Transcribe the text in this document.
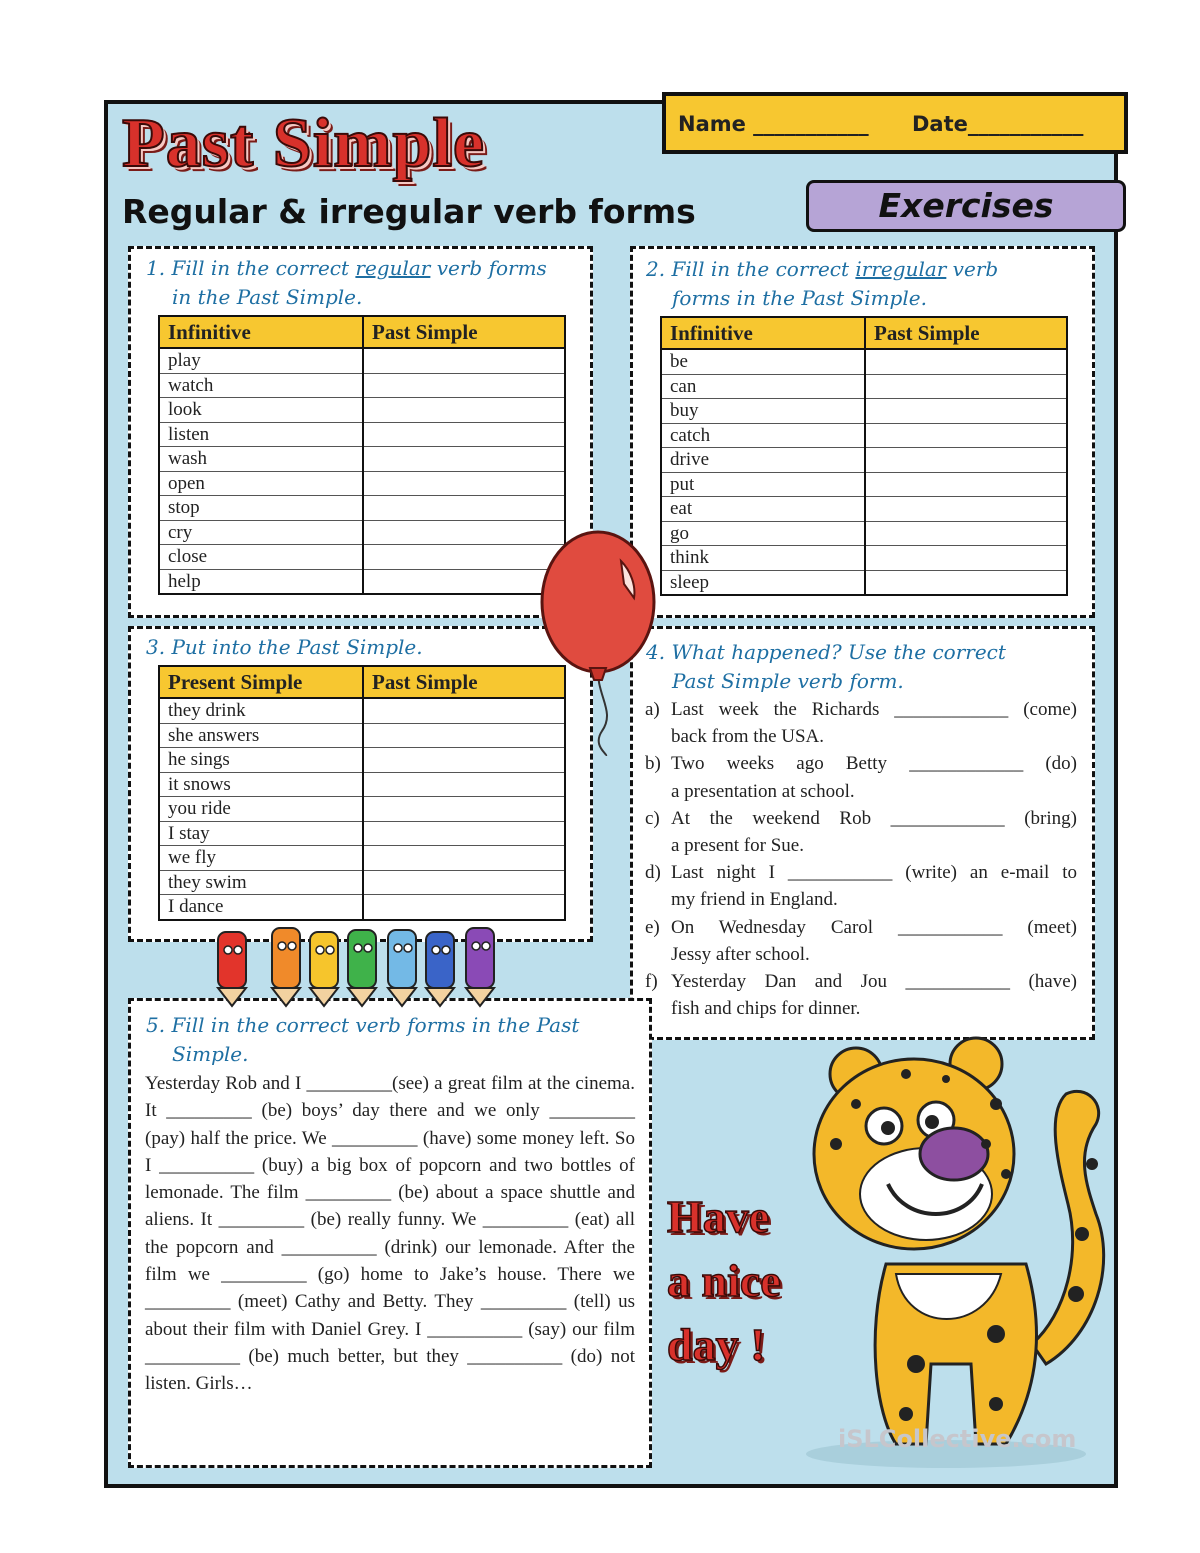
Past Simple
Regular & irregular verb forms
Name ___________ Date___________
Exercises
1. Fill in the correct regular verb forms
in the Past Simple.
Infinitive	Past Simple
play	
watch	
look	
listen	
wash	
open	
stop	
cry	
close	
help	
2. Fill in the correct irregular verb
forms in the Past Simple.
Infinitive	Past Simple
be	
can	
buy	
catch	
drive	
put	
eat	
go	
think	
sleep	
3. Put into the Past Simple.
Present Simple	Past Simple
they drink	
she answers	
he sings	
it snows	
you ride	
I stay	
we fly	
they swim	
I dance	
4. What happened? Use the correct
Past Simple verb form.
a) Last week the Richards ____________ (come)
back from the USA.
b) Two weeks ago Betty ____________ (do)
a presentation at school.
c) At the weekend Rob ____________ (bring)
a present for Sue.
d) Last night I ___________ (write) an e-mail to
my friend in England.
e) On Wednesday Carol ___________ (meet)
Jessy after school.
f) Yesterday Dan and Jou ___________ (have)
fish and chips for dinner.
5. Fill in the correct verb forms in the Past
Simple.
Yesterday Rob and I _________(see) a great film at the cinema. It _________ (be) boys’ day there and we only _________ (pay) half the price. We _________ (have) some money left. So I __________ (buy) a big box of popcorn and two bottles of lemonade. The film _________ (be) about a space shuttle and aliens. It _________ (be) really funny. We _________ (eat) all the popcorn and __________ (drink) our lemonade. After the film we _________ (go) home to Jake’s house. There we _________ (meet) Cathy and Betty. They _________ (tell) us about their film with Daniel Grey. I __________ (say) our film __________ (be) much better, but they __________ (do) not listen. Girls…
Have
a nice
day !
iSLCollective.com
